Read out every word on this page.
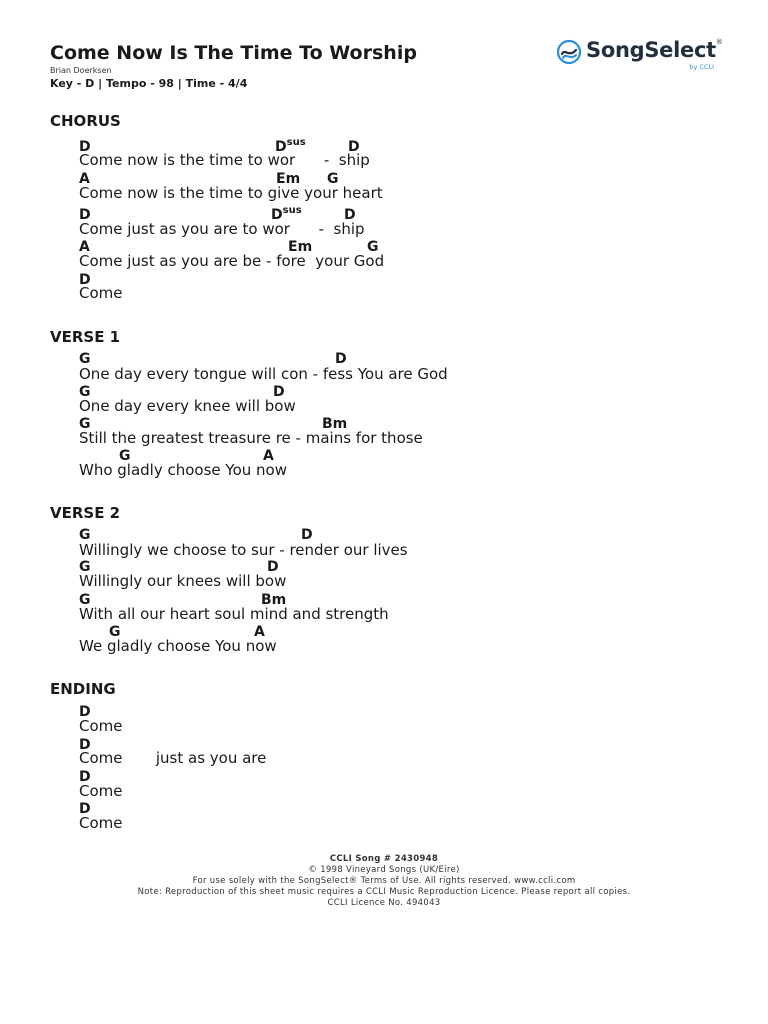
Come Now Is The Time To Worship
Brian Doerksen
Key - D | Tempo - 98 | Time - 4/4
SongSelect®
by CCLI
CHORUS
D	$D^{sus}$	D
Come now is the time to wor      -  ship
A	Em G
Come now is the time to give your heart
D	$D^{sus}$	D
Come just as you are to wor      -  ship
A	Em	G
Come just as you are be - fore  your God
D
Come
VERSE 1
G	D
One day every tongue will con - fess You are God
G	D
One day every knee will bow
G	Bm
Still the greatest treasure re - mains for those
G	A
Who gladly choose You now
VERSE 2
G	D
Willingly we choose to sur - render our lives
G	D
Willingly our knees will bow
G	Bm
With all our heart soul mind and strength
G	A
We gladly choose You now
ENDING
D
Come
D
Come       just as you are
D
Come
D
Come
CCLI Song # 2430948
© 1998 Vineyard Songs (UK/Eire)
For use solely with the SongSelect® Terms of Use. All rights reserved. www.ccli.com
Note: Reproduction of this sheet music requires a CCLI Music Reproduction Licence. Please report all copies.
CCLI Licence No. 494043
